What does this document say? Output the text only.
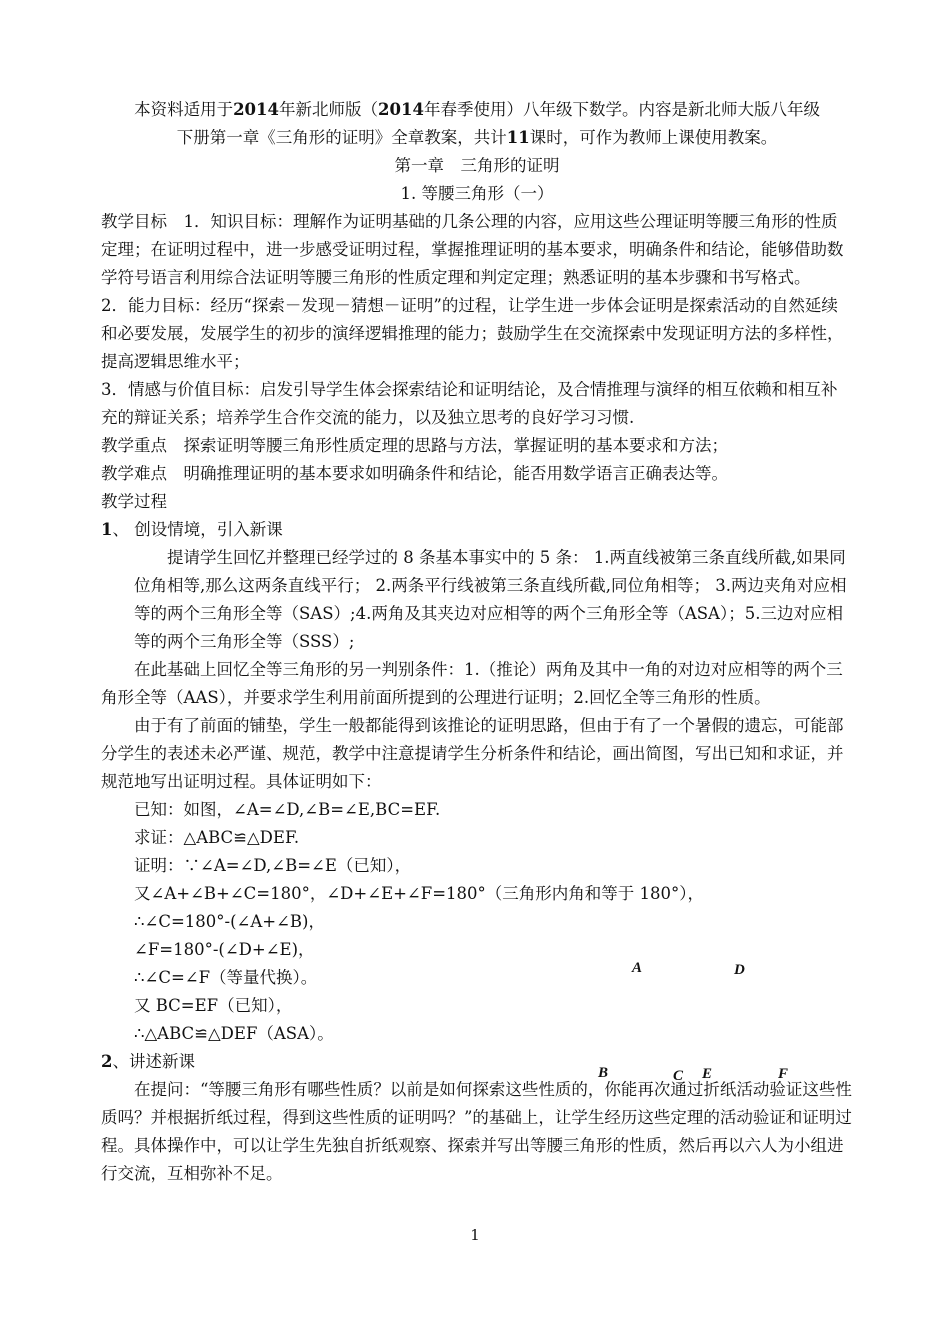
本资料适用于2014年新北师版（2014年春季使用）八年级下数学。内容是新北师大版八年级

下册第一章《三角形的证明》全章教案，共计11课时，可作为教师上课使用教案。

第一章　三角形的证明

1. 等腰三角形（一）

教学目标　1．知识目标：理解作为证明基础的几条公理的内容，应用这些公理证明等腰三角形的性质定理；在证明过程中，进一步感受证明过程，掌握推理证明的基本要求，明确条件和结论，能够借助数学符号语言利用综合法证明等腰三角形的性质定理和判定定理；熟悉证明的基本步骤和书写格式。

2．能力目标：经历“探索－发现－猜想－证明”的过程，让学生进一步体会证明是探索活动的自然延续和必要发展，发展学生的初步的演绎逻辑推理的能力；鼓励学生在交流探索中发现证明方法的多样性，提高逻辑思维水平；

3．情感与价值目标：启发引导学生体会探索结论和证明结论，及合情推理与演绎的相互依赖和相互补充的辩证关系；培养学生合作交流的能力，以及独立思考的良好学习习惯.

教学重点　探索证明等腰三角形性质定理的思路与方法，掌握证明的基本要求和方法；

教学难点　明确推理证明的基本要求如明确条件和结论，能否用数学语言正确表达等。

教学过程

1、 创设情境，引入新课

提请学生回忆并整理已经学过的 8 条基本事实中的 5 条： 1.两直线被第三条直线所截,如果同位角相等,那么这两条直线平行； 2.两条平行线被第三条直线所截,同位角相等； 3.两边夹角对应相等的两个三角形全等（SAS）;4.两角及其夹边对应相等的两个三角形全等（ASA）；5.三边对应相等的两个三角形全等（SSS）;

在此基础上回忆全等三角形的另一判别条件：1.（推论）两角及其中一角的对边对应相等的两个三角形全等（AAS），并要求学生利用前面所提到的公理进行证明；2.回忆全等三角形的性质。

由于有了前面的铺垫，学生一般都能得到该推论的证明思路，但由于有了一个暑假的遗忘，可能部分学生的表述未必严谨、规范，教学中注意提请学生分析条件和结论，画出简图，写出已知和求证，并规范地写出证明过程。具体证明如下：

已知：如图，∠A=∠D,∠B=∠E,BC=EF.

求证：△ABC≌△DEF.

证明：∵∠A=∠D,∠B=∠E（已知），

又∠A+∠B+∠C=180°，∠D+∠E+∠F=180°（三角形内角和等于 180°），

∴∠C=180°-(∠A+∠B)，

∠F=180°-(∠D+∠E)，

∴∠C=∠F（等量代换）。

又 BC=EF（已知），

∴△ABC≌△DEF（ASA）。

2、讲述新课

在提问：“等腰三角形有哪些性质？以前是如何探索这些性质的，你能再次通过折纸活动验证这些性质吗？并根据折纸过程，得到这些性质的证明吗？”的基础上，让学生经历这些定理的活动验证和证明过程。具体操作中，可以让学生先独自折纸观察、探索并写出等腰三角形的性质，然后再以六人为小组进行交流，互相弥补不足。

A	D
B	C E	F
1
